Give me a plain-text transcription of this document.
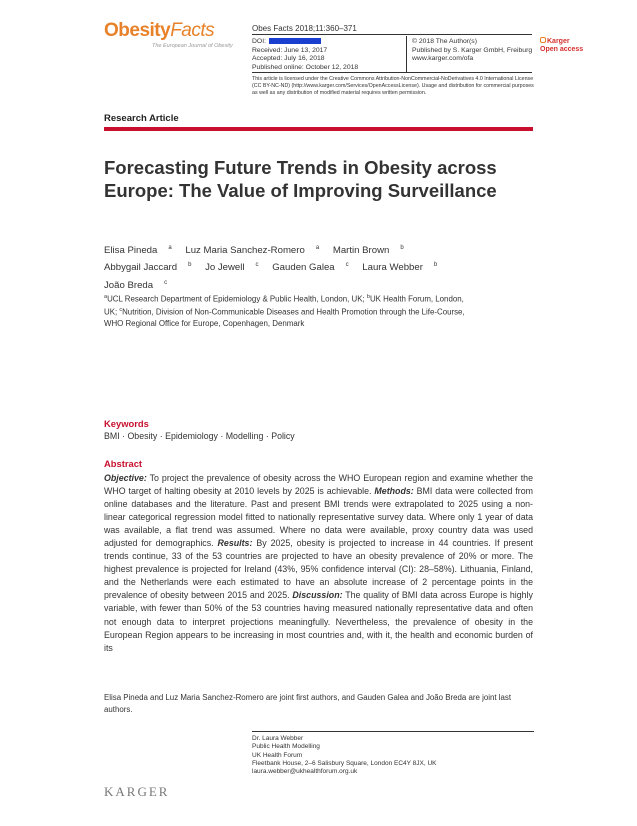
ObesityFacts
The European Journal of Obesity
Obes Facts 2018;11:360–371
DOI:
Received: June 13, 2017
Accepted: July 16, 2018
Published online: October 12, 2018
© 2018 The Author(s)
Published by S. Karger GmbH, Freiburg
www.karger.com/ofa
Karger
Open access
This article is licensed under the Creative Commons Attribution-NonCommercial-NoDerivatives 4.0 International License (CC BY-NC-ND) (http://www.karger.com/Services/OpenAccessLicense). Usage and distribution for commercial purposes as well as any distribution of modified material requires written permission.
Research Article
Forecasting Future Trends in Obesity across Europe: The Value of Improving Surveillance
Elisa Pineda $^a$ Luz Maria Sanchez-Romero $^a$ Martin Brown $^b$
Abbygail Jaccard $^b$ Jo Jewell $^c$ Gauden Galea $^c$ Laura Webber $^b$
João Breda $^c$
$^a$UCL Research Department of Epidemiology & Public Health, London, UK; $^b$UK Health Forum, London, UK; $^c$Nutrition, Division of Non-Communicable Diseases and Health Promotion through the Life-Course, WHO Regional Office for Europe, Copenhagen, Denmark
Keywords
BMI · Obesity · Epidemiology · Modelling · Policy
Abstract
Objective: To project the prevalence of obesity across the WHO European region and examine whether the WHO target of halting obesity at 2010 levels by 2025 is achievable. Methods: BMI data were collected from online databases and the literature. Past and present BMI trends were extrapolated to 2025 using a non-linear categorical regression model fitted to nationally representative survey data. Where only 1 year of data was available, a flat trend was assumed. Where no data were available, proxy country data was used adjusted for demographics. Results: By 2025, obesity is projected to increase in 44 countries. If present trends continue, 33 of the 53 countries are projected to have an obesity prevalence of 20% or more. The highest prevalence is projected for Ireland (43%, 95% confidence interval (CI): 28–58%). Lithuania, Finland, and the Netherlands were each estimated to have an absolute increase of 2 percentage points in the prevalence of obesity between 2015 and 2025. Discussion: The quality of BMI data across Europe is highly variable, with fewer than 50% of the 53 countries having measured nationally representative data and often not enough data to interpret projections meaningfully. Nevertheless, the prevalence of obesity in the European Region appears to be increasing in most countries and, with it, the health and economic burden of its
Elisa Pineda and Luz Maria Sanchez-Romero are joint first authors, and Gauden Galea and João Breda are joint last authors.
Dr. Laura Webber
Public Health Modelling
UK Health Forum
Fleetbank House, 2–6 Salisbury Square, London EC4Y 8JX, UK
laura.webber@ukhealthforum.org.uk
KARGER
